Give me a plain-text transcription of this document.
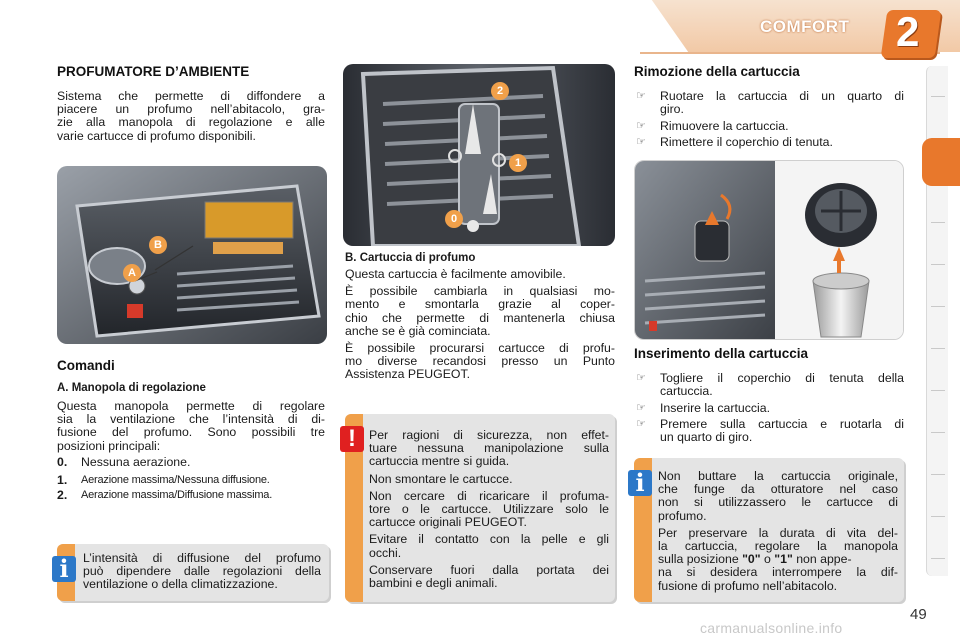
COMFORT 2
PROFUMATORE D’AMBIENTE
Sistema che permette di diffondere a
piacere un profumo nell’abitacolo, gra-
zie alla manopola di regolazione e alle
varie cartucce di profumo disponibili.
B
A
Comandi
A. Manopola di regolazione
Questa manopola permette di regolare
sia la ventilazione che l’intensità di di-
fusione del profumo. Sono possibili tre
posizioni principali:
0. Nessuna aerazione.
1. Aerazione massima/Nessuna diffusione.
2. Aerazione massima/Diffusione massima.
L’intensità di diffusione del profumo
può dipendere dalle regolazioni della
ventilazione o della climatizzazione.
i
2
1
0
B. Cartuccia di profumo
Questa cartuccia è facilmente amovibile.
È possibile cambiarla in qualsiasi mo-
mento e smontarla grazie al coper-
chio che permette di mantenerla chiusa
anche se è già cominciata.
È possibile procurarsi cartucce di profu-
mo diverse recandosi presso un Punto
Assistenza PEUGEOT.
Per ragioni di sicurezza, non effet-
tuare nessuna manipolazione sulla
cartuccia mentre si guida.
Non smontare le cartucce.
Non cercare di ricaricare il profuma-
tore o le cartucce. Utilizzare solo le
cartucce originali PEUGEOT.
Evitare il contatto con la pelle e gli
occhi.
Conservare fuori dalla portata dei
bambini e degli animali.
!
Rimozione della cartuccia
☞ Ruotare la cartuccia di un quarto di
giro.
☞ Rimuovere la cartuccia.
☞ Rimettere il coperchio di tenuta.
Inserimento della cartuccia
☞ Togliere il coperchio di tenuta della
cartuccia.
☞ Inserire la cartuccia.
☞ Premere sulla cartuccia e ruotarla di
un quarto di giro.
Non buttare la cartuccia originale,
che funge da otturatore nel caso
non si utilizzassero le cartucce di
profumo.
Per preservare la durata di vita del-
la cartuccia, regolare la manopola
sulla posizione "0" o "1" non appe-
na si desidera interrompere la dif-
fusione di profumo nell’abitacolo.
i
49
carmanualsonline.info
